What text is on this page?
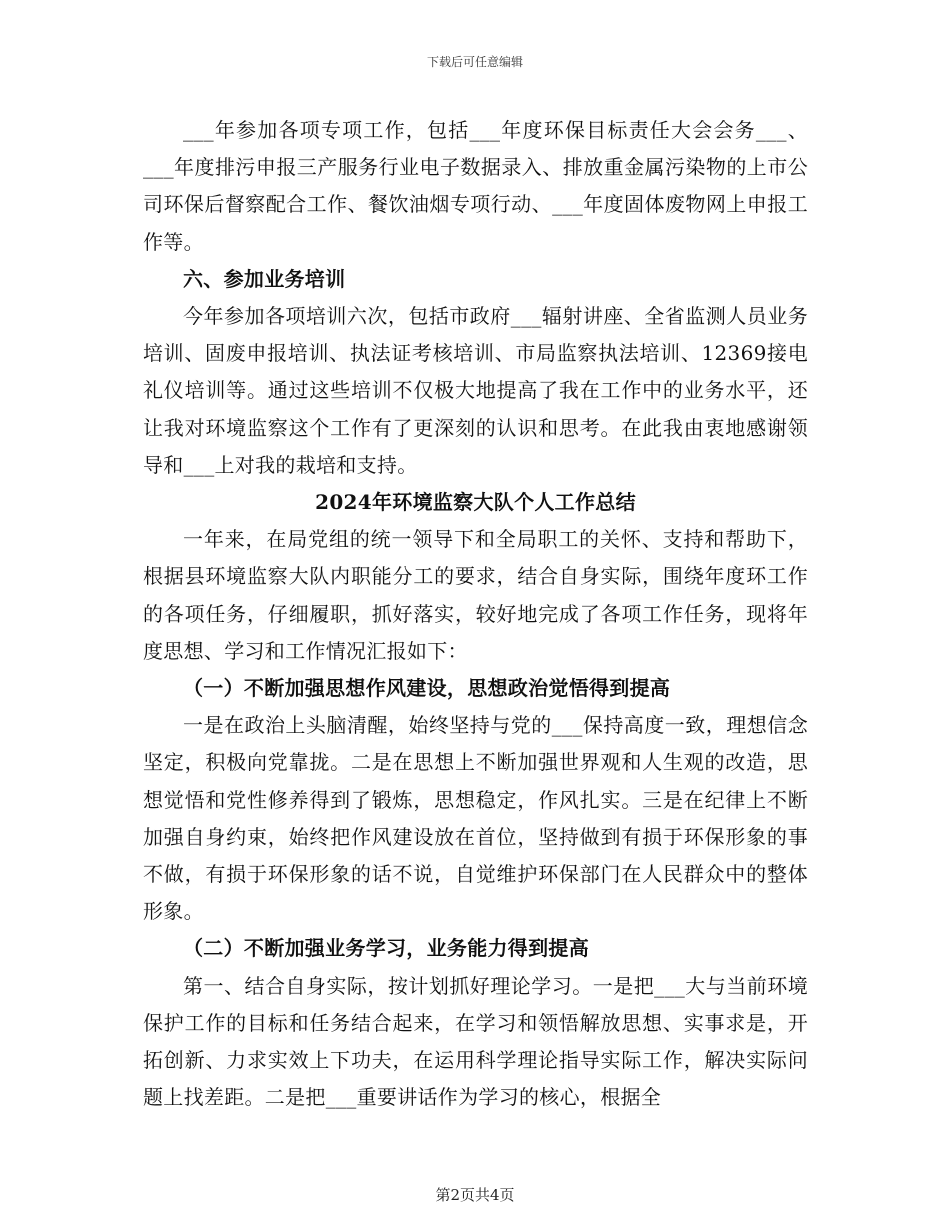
下载后可任意编辑

___年参加各项专项工作，包括___年度环保目标责任大会会务___、___年度排污申报三产服务行业电子数据录入、排放重金属污染物的上市公司环保后督察配合工作、餐饮油烟专项行动、___年度固体废物网上申报工作等。

六、参加业务培训

今年参加各项培训六次，包括市政府___辐射讲座、全省监测人员业务培训、固废申报培训、执法证考核培训、市局监察执法培训、12369接电礼仪培训等。通过这些培训不仅极大地提高了我在工作中的业务水平，还让我对环境监察这个工作有了更深刻的认识和思考。在此我由衷地感谢领导和___上对我的栽培和支持。

2024年环境监察大队个人工作总结

一年来，在局党组的统一领导下和全局职工的关怀、支持和帮助下，根据县环境监察大队内职能分工的要求，结合自身实际，围绕年度环工作的各项任务，仔细履职，抓好落实，较好地完成了各项工作任务，现将年度思想、学习和工作情况汇报如下：

（一）不断加强思想作风建设，思想政治觉悟得到提高

一是在政治上头脑清醒，始终坚持与党的___保持高度一致，理想信念坚定，积极向党靠拢。二是在思想上不断加强世界观和人生观的改造，思想觉悟和党性修养得到了锻炼，思想稳定，作风扎实。三是在纪律上不断加强自身约束，始终把作风建设放在首位，坚持做到有损于环保形象的事不做，有损于环保形象的话不说，自觉维护环保部门在人民群众中的整体形象。

（二）不断加强业务学习，业务能力得到提高

第一、结合自身实际，按计划抓好理论学习。一是把___大与当前环境保护工作的目标和任务结合起来，在学习和领悟解放思想、实事求是，开拓创新、力求实效上下功夫，在运用科学理论指导实际工作，解决实际问题上找差距。二是把___重要讲话作为学习的核心，根据全

第2页共4页
